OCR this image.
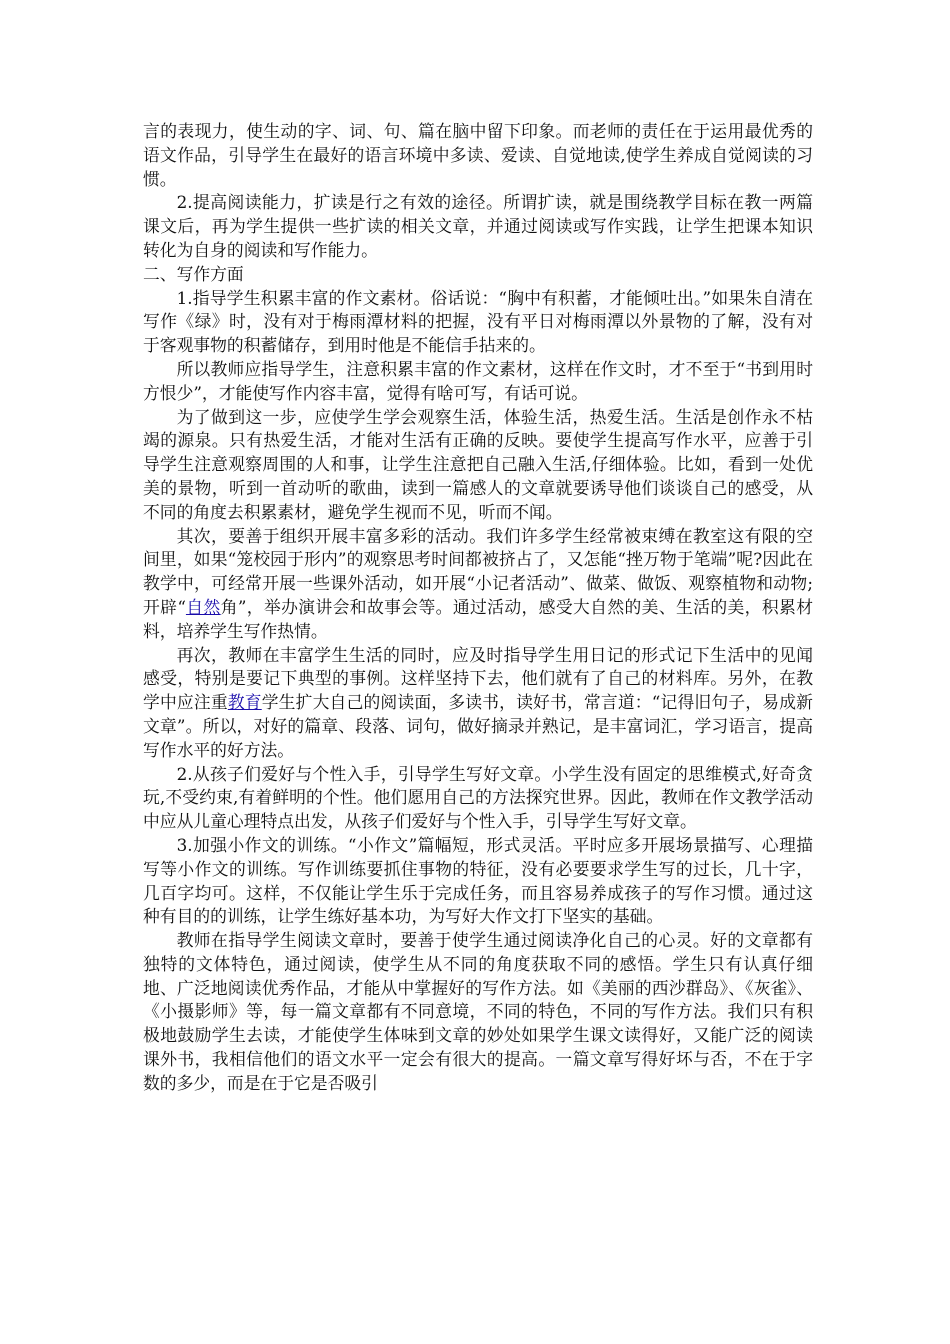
言的表现力，使生动的字、词、句、篇在脑中留下印象。而老师的责任在于运用最优秀的语文作品，引导学生在最好的语言环境中多读、爱读、自觉地读,使学生养成自觉阅读的习惯。

2.提高阅读能力，扩读是行之有效的途径。所谓扩读，就是围绕教学目标在教一两篇课文后，再为学生提供一些扩读的相关文章，并通过阅读或写作实践，让学生把课本知识转化为自身的阅读和写作能力。

二、写作方面

1.指导学生积累丰富的作文素材。俗话说：“胸中有积蓄，才能倾吐出。”如果朱自清在写作《绿》时，没有对于梅雨潭材料的把握，没有平日对梅雨潭以外景物的了解，没有对于客观事物的积蓄储存，到用时他是不能信手拈来的。

所以教师应指导学生，注意积累丰富的作文素材，这样在作文时，才不至于“书到用时方恨少”，才能使写作内容丰富，觉得有啥可写，有话可说。

为了做到这一步，应使学生学会观察生活，体验生活，热爱生活。生活是创作永不枯竭的源泉。只有热爱生活，才能对生活有正确的反映。要使学生提高写作水平，应善于引导学生注意观察周围的人和事，让学生注意把自己融入生活,仔细体验。比如，看到一处优美的景物，听到一首动听的歌曲，读到一篇感人的文章就要诱导他们谈谈自己的感受，从不同的角度去积累素材，避免学生视而不见，听而不闻。

其次，要善于组织开展丰富多彩的活动。我们许多学生经常被束缚在教室这有限的空间里，如果“笼校园于形内”的观察思考时间都被挤占了，又怎能“挫万物于笔端”呢?因此在教学中，可经常开展一些课外活动，如开展“小记者活动”、做菜、做饭、观察植物和动物;开辟“自然角”，举办演讲会和故事会等。通过活动，感受大自然的美、生活的美，积累材料，培养学生写作热情。

再次，教师在丰富学生生活的同时，应及时指导学生用日记的形式记下生活中的见闻感受，特别是要记下典型的事例。这样坚持下去，他们就有了自己的材料库。另外，在教学中应注重教育学生扩大自己的阅读面，多读书，读好书，常言道：“记得旧句子，易成新文章”。所以，对好的篇章、段落、词句，做好摘录并熟记，是丰富词汇，学习语言，提高写作水平的好方法。

2.从孩子们爱好与个性入手，引导学生写好文章。小学生没有固定的思维模式,好奇贪玩,不受约束,有着鲜明的个性。他们愿用自己的方法探究世界。因此，教师在作文教学活动中应从儿童心理特点出发，从孩子们爱好与个性入手，引导学生写好文章。

3.加强小作文的训练。“小作文”篇幅短，形式灵活。平时应多开展场景描写、心理描写等小作文的训练。写作训练要抓住事物的特征，没有必要要求学生写的过长，几十字，几百字均可。这样，不仅能让学生乐于完成任务，而且容易养成孩子的写作习惯。通过这种有目的的训练，让学生练好基本功，为写好大作文打下坚实的基础。

教师在指导学生阅读文章时，要善于使学生通过阅读净化自己的心灵。好的文章都有独特的文体特色，通过阅读，使学生从不同的角度获取不同的感悟。学生只有认真仔细地、广泛地阅读优秀作品，才能从中掌握好的写作方法。如《美丽的西沙群岛》、《灰雀》、《小摄影师》等，每一篇文章都有不同意境，不同的特色，不同的写作方法。我们只有积极地鼓励学生去读，才能使学生体味到文章的妙处如果学生课文读得好，又能广泛的阅读课外书，我相信他们的语文水平一定会有很大的提高。一篇文章写得好坏与否，不在于字数的多少，而是在于它是否吸引
